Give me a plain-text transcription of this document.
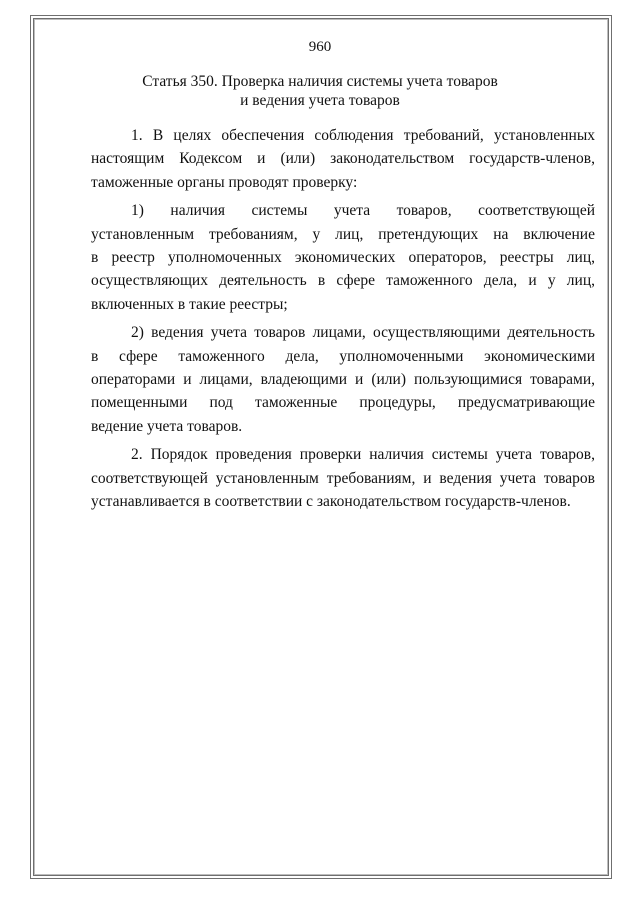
960

Статья 350. Проверка наличия системы учета товаров
и ведения учета товаров

1. В целях обеспечения соблюдения требований, установленных
настоящим Кодексом и (или) законодательством государств-членов,
таможенные органы проводят проверку:

1) наличия системы учета товаров, соответствующей
установленным требованиям, у лиц, претендующих на включение
в реестр уполномоченных экономических операторов, реестры лиц,
осуществляющих деятельность в сфере таможенного дела, и у лиц,
включенных в такие реестры;

2) ведения учета товаров лицами, осуществляющими деятельность
в сфере таможенного дела, уполномоченными экономическими
операторами и лицами, владеющими и (или) пользующимися товарами,
помещенными под таможенные процедуры, предусматривающие
ведение учета товаров.

2. Порядок проведения проверки наличия системы учета товаров,
соответствующей установленным требованиям, и ведения учета товаров
устанавливается в соответствии с законодательством государств-членов.
